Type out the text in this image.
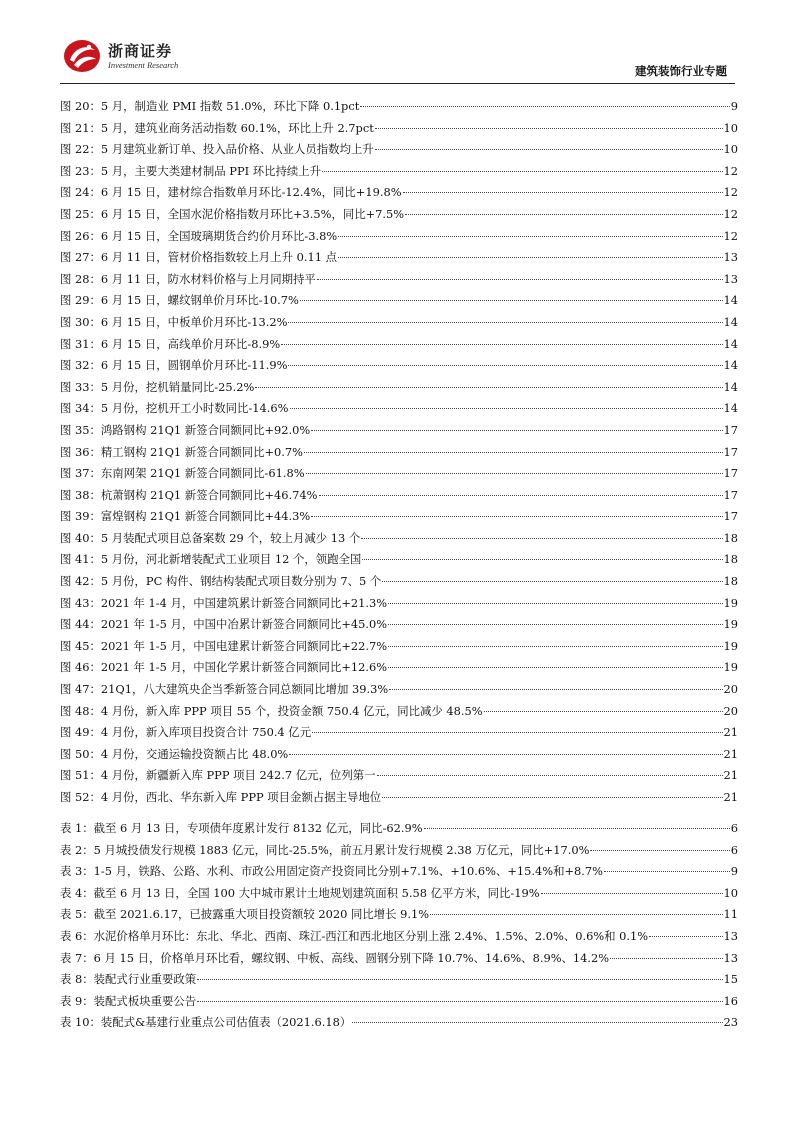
浙商证券
Investment Research	建筑装饰行业专题
图 20：5 月，制造业 PMI 指数 51.0%，环比下降 0.1pct	9
图 21：5 月，建筑业商务活动指数 60.1%，环比上升 2.7pct	10
图 22：5 月建筑业新订单、投入品价格、从业人员指数均上升	10
图 23：5 月，主要大类建材制品 PPI 环比持续上升	12
图 24：6 月 15 日，建材综合指数单月环比-12.4%，同比+19.8%	12
图 25：6 月 15 日，全国水泥价格指数月环比+3.5%，同比+7.5%	12
图 26：6 月 15 日，全国玻璃期货合约价月环比-3.8%	12
图 27：6 月 11 日，管材价格指数较上月上升 0.11 点	13
图 28：6 月 11 日，防水材料价格与上月同期持平	13
图 29：6 月 15 日，螺纹钢单价月环比-10.7%	14
图 30：6 月 15 日，中板单价月环比-13.2%	14
图 31：6 月 15 日，高线单价月环比-8.9%	14
图 32：6 月 15 日，圆钢单价月环比-11.9%	14
图 33：5 月份，挖机销量同比-25.2%	14
图 34：5 月份，挖机开工小时数同比-14.6%	14
图 35：鸿路钢构 21Q1 新签合同额同比+92.0%	17
图 36：精工钢构 21Q1 新签合同额同比+0.7%	17
图 37：东南网架 21Q1 新签合同额同比-61.8%	17
图 38：杭萧钢构 21Q1 新签合同额同比+46.74%	17
图 39：富煌钢构 21Q1 新签合同额同比+44.3%	17
图 40：5 月装配式项目总备案数 29 个，较上月减少 13 个	18
图 41：5 月份，河北新增装配式工业项目 12 个，领跑全国	18
图 42：5 月份，PC 构件、钢结构装配式项目数分别为 7、5 个	18
图 43：2021 年 1-4 月，中国建筑累计新签合同额同比+21.3%	19
图 44：2021 年 1-5 月，中国中冶累计新签合同额同比+45.0%	19
图 45：2021 年 1-5 月，中国电建累计新签合同额同比+22.7%	19
图 46：2021 年 1-5 月，中国化学累计新签合同额同比+12.6%	19
图 47：21Q1，八大建筑央企当季新签合同总额同比增加 39.3%	20
图 48：4 月份，新入库 PPP 项目 55 个，投资金额 750.4 亿元，同比减少 48.5%	20
图 49：4 月份，新入库项目投资合计 750.4 亿元	21
图 50：4 月份，交通运输投资额占比 48.0%	21
图 51：4 月份，新疆新入库 PPP 项目 242.7 亿元，位列第一	21
图 52：4 月份，西北、华东新入库 PPP 项目金额占据主导地位	21
表 1：截至 6 月 13 日，专项债年度累计发行 8132 亿元，同比-62.9%	6
表 2：5 月城投债发行规模 1883 亿元，同比-25.5%，前五月累计发行规模 2.38 万亿元，同比+17.0%	6
表 3：1-5 月，铁路、公路、水利、市政公用固定资产投资同比分别+7.1%、+10.6%、+15.4%和+8.7%	9
表 4：截至 6 月 13 日，全国 100 大中城市累计土地规划建筑面积 5.58 亿平方米，同比-19%	10
表 5：截至 2021.6.17，已披露重大项目投资额较 2020 同比增长 9.1%	11
表 6：水泥价格单月环比：东北、华北、西南、珠江-西江和西北地区分别上涨 2.4%、1.5%、2.0%、0.6%和 0.1%	13
表 7：6 月 15 日，价格单月环比看，螺纹钢、中板、高线、圆钢分别下降 10.7%、14.6%、8.9%、14.2%	13
表 8：装配式行业重要政策	15
表 9：装配式板块重要公告	16
表 10：装配式&基建行业重点公司估值表（2021.6.18）	23
